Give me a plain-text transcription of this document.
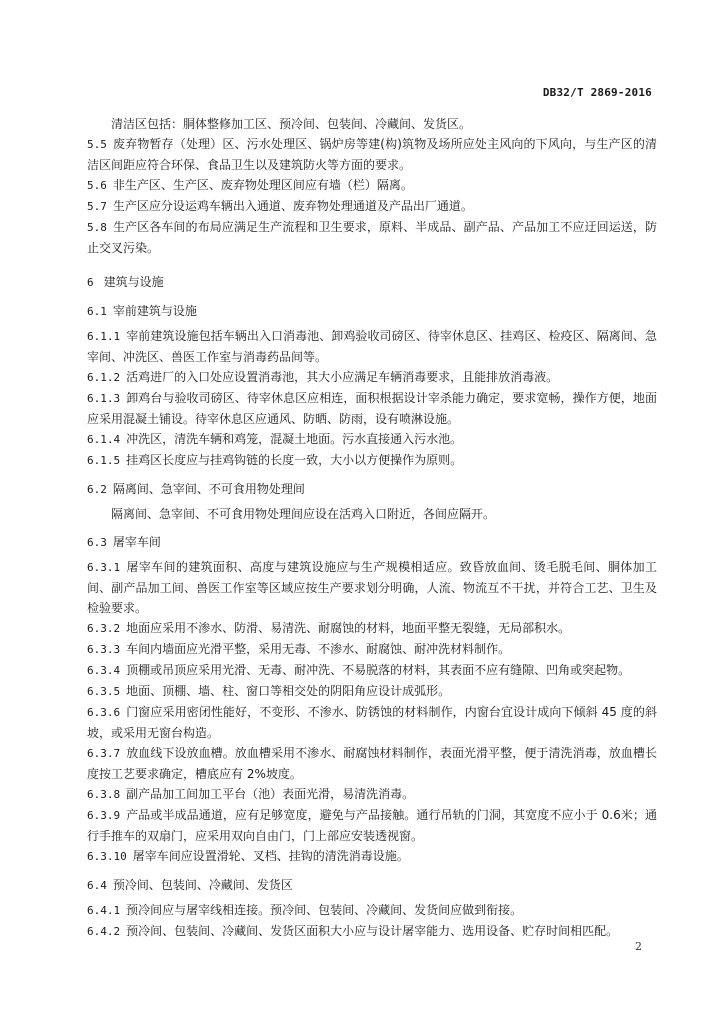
DB32/T 2869-2016
清洁区包括：胴体整修加工区、预冷间、包装间、冷藏间、发货区。
5.5 废弃物暂存（处理）区、污水处理区、锅炉房等建(构)筑物及场所应处主风向的下风向，与生产区的清洁区间距应符合环保、食品卫生以及建筑防火等方面的要求。
5.6 非生产区、生产区、废弃物处理区间应有墙（栏）隔离。
5.7 生产区应分设运鸡车辆出入通道、废弃物处理通道及产品出厂通道。
5.8 生产区各车间的布局应满足生产流程和卫生要求，原料、半成品、副产品、产品加工不应迂回运送，防止交叉污染。
6 建筑与设施
6.1 宰前建筑与设施
6.1.1 宰前建筑设施包括车辆出入口消毒池、卸鸡验收司磅区、待宰休息区、挂鸡区、检疫区、隔离间、急宰间、冲洗区、兽医工作室与消毒药品间等。
6.1.2 活鸡进厂的入口处应设置消毒池，其大小应满足车辆消毒要求，且能排放消毒液。
6.1.3 卸鸡台与验收司磅区、待宰休息区应相连，面积根据设计宰杀能力确定，要求宽畅，操作方便，地面应采用混凝土铺设。待宰休息区应通风、防晒、防雨，设有喷淋设施。
6.1.4 冲洗区，清洗车辆和鸡笼，混凝土地面。污水直接通入污水池。
6.1.5 挂鸡区长度应与挂鸡钩链的长度一致，大小以方便操作为原则。
6.2 隔离间、急宰间、不可食用物处理间
隔离间、急宰间、不可食用物处理间应设在活鸡入口附近，各间应隔开。
6.3 屠宰车间
6.3.1 屠宰车间的建筑面积、高度与建筑设施应与生产规模相适应。致昏放血间、烫毛脱毛间、胴体加工间、副产品加工间、兽医工作室等区域应按生产要求划分明确，人流、物流互不干扰，并符合工艺、卫生及检验要求。
6.3.2 地面应采用不渗水、防滑、易清洗、耐腐蚀的材料，地面平整无裂缝，无局部积水。
6.3.3 车间内墙面应光滑平整，采用无毒、不渗水、耐腐蚀、耐冲洗材料制作。
6.3.4 顶棚或吊顶应采用光滑、无毒、耐冲洗、不易脱落的材料，其表面不应有缝隙、凹角或突起物。
6.3.5 地面、顶棚、墙、柱、窗口等相交处的阴阳角应设计成弧形。
6.3.6 门窗应采用密闭性能好，不变形、不渗水、防锈蚀的材料制作，内窗台宜设计成向下倾斜 45 度的斜坡，或采用无窗台构造。
6.3.7 放血线下设放血槽。放血槽采用不渗水、耐腐蚀材料制作，表面光滑平整，便于清洗消毒，放血槽长度按工艺要求确定，槽底应有 2%坡度。
6.3.8 副产品加工间加工平台（池）表面光滑，易清洗消毒。
6.3.9 产品或半成品通道，应有足够宽度，避免与产品接触。通行吊轨的门洞，其宽度不应小于 0.6米；通行手推车的双扇门，应采用双向自由门，门上部应安装透视窗。
6.3.10 屠宰车间应设置滑轮、叉档、挂钩的清洗消毒设施。
6.4 预冷间、包装间、冷藏间、发货区
6.4.1 预冷间应与屠宰线相连接。预冷间、包装间、冷藏间、发货间应做到衔接。
6.4.2 预冷间、包装间、冷藏间、发货区面积大小应与设计屠宰能力、选用设备、贮存时间相匹配。
2
